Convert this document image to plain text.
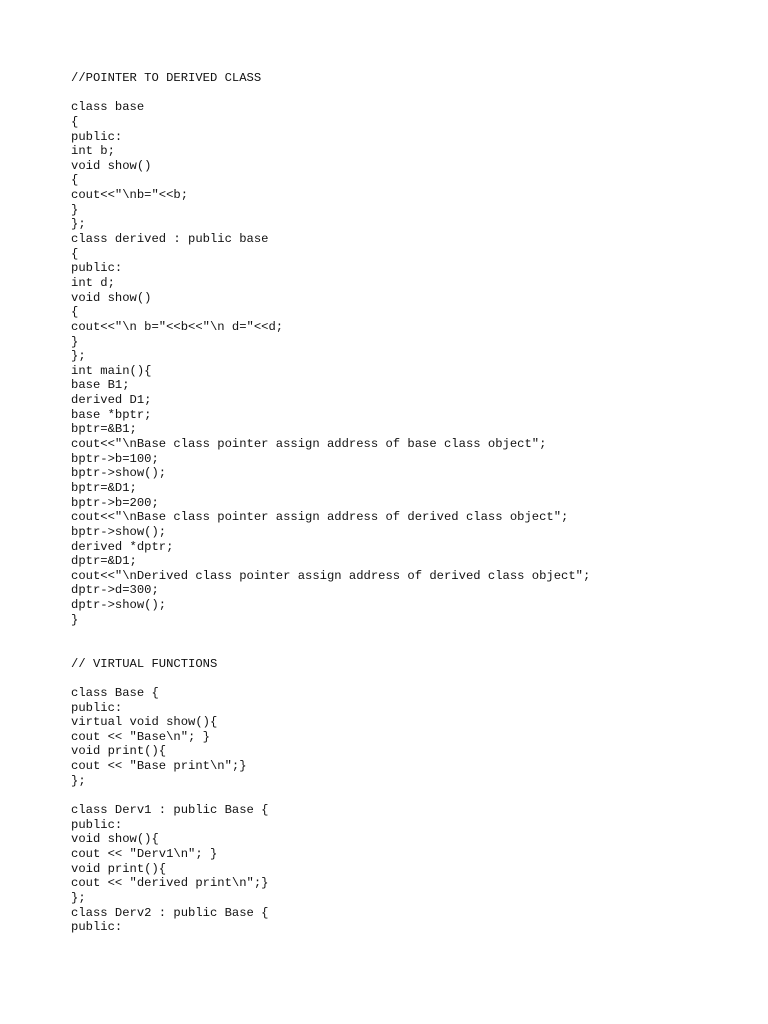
//POINTER TO DERIVED CLASS
class base
{
public:
int b;
void show()
{
cout<<"\nb="<<b;
}
};
class derived : public base
{
public:
int d;
void show()
{
cout<<"\n b="<<b<<"\n d="<<d;
}
};
int main(){
base B1;
derived D1;
base *bptr;
bptr=&B1;
cout<<"\nBase class pointer assign address of base class object";
bptr->b=100;
bptr->show();
bptr=&D1;
bptr->b=200;
cout<<"\nBase class pointer assign address of derived class object";
bptr->show();
derived *dptr;
dptr=&D1;
cout<<"\nDerived class pointer assign address of derived class object";
dptr->d=300;
dptr->show();
}
// VIRTUAL FUNCTIONS
class Base {
public:
virtual void show(){
cout << "Base\n"; }
void print(){
cout << "Base print\n";}
};
class Derv1 : public Base {
public:
void show(){
cout << "Derv1\n"; }
void print(){
cout << "derived print\n";}
};
class Derv2 : public Base {
public:
